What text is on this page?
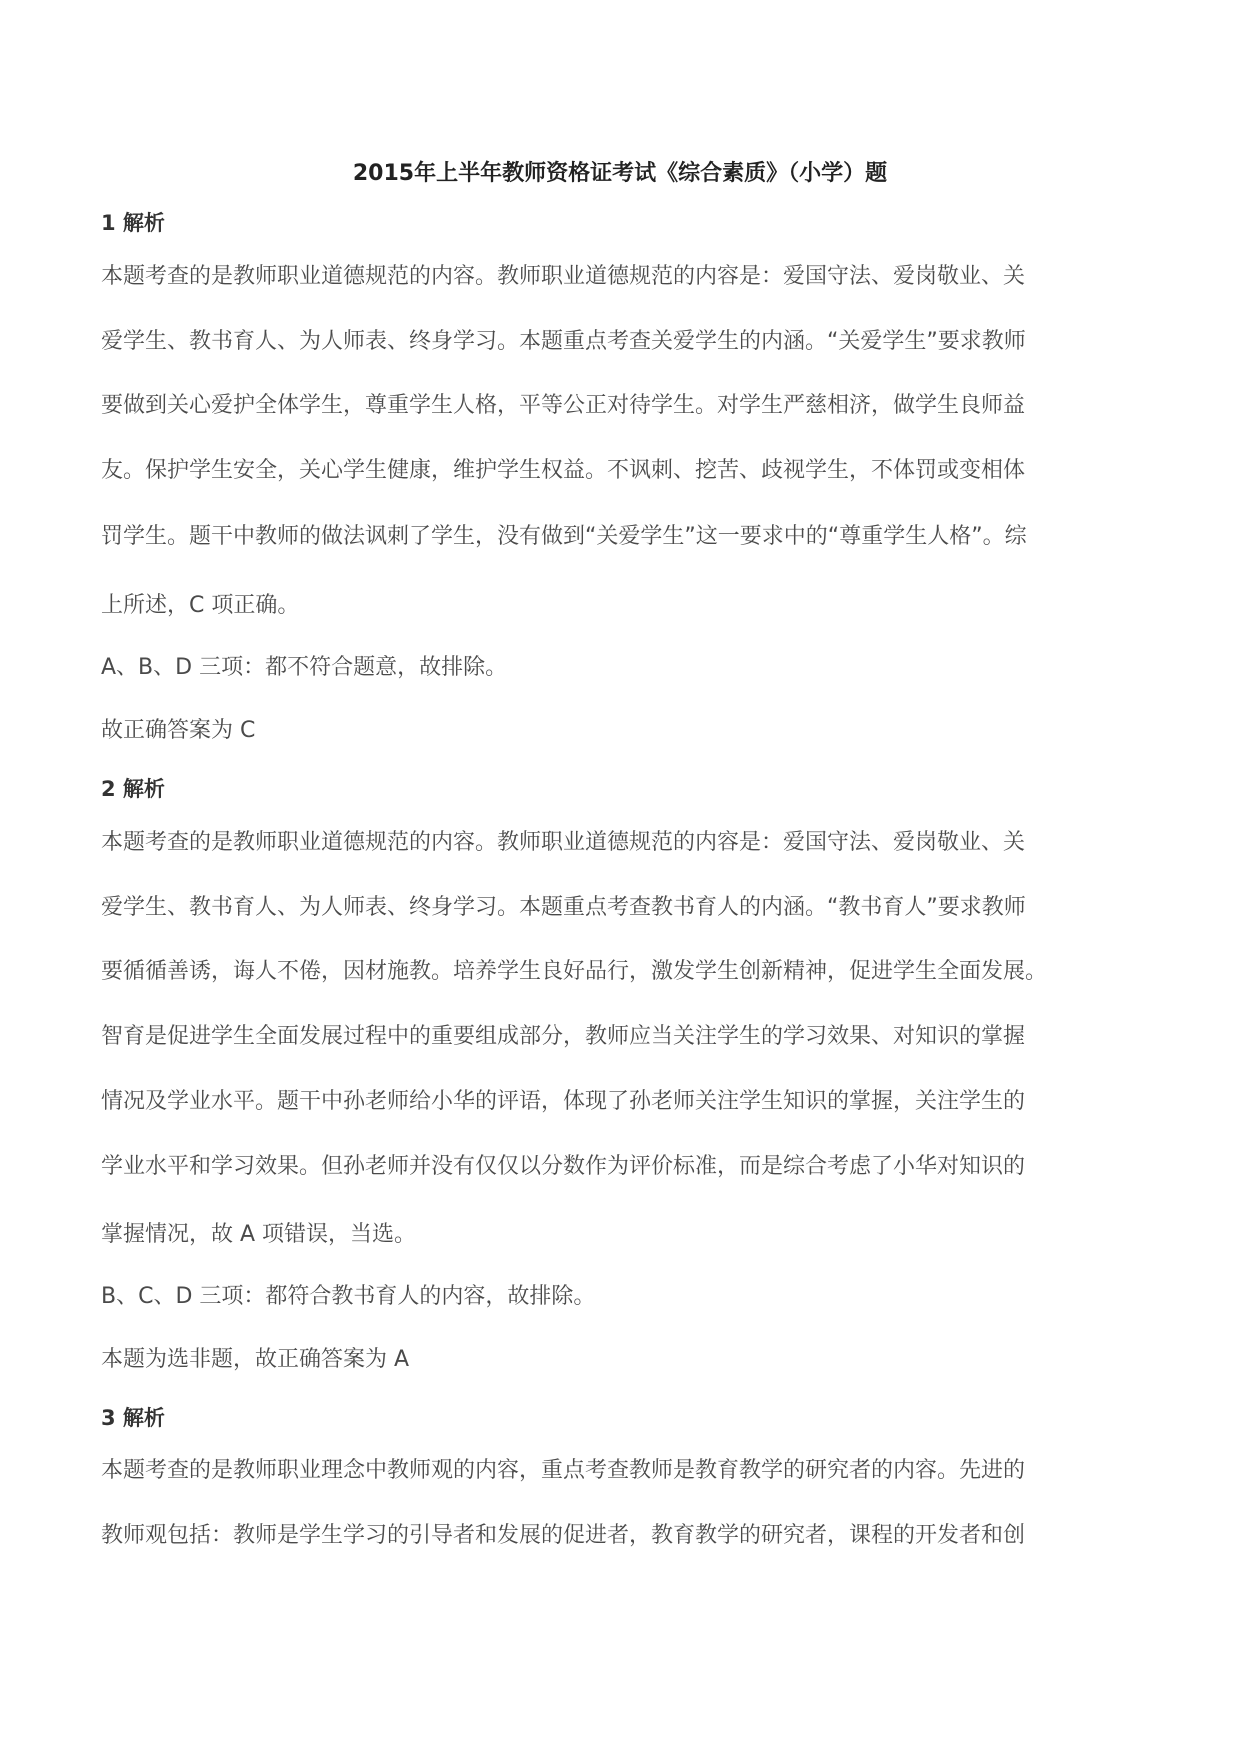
2015年上半年教师资格证考试《综合素质》（小学）题
1 解析
本题考查的是教师职业道德规范的内容。教师职业道德规范的内容是：爱国守法、爱岗敬业、关
爱学生、教书育人、为人师表、终身学习。本题重点考查关爱学生的内涵。“关爱学生”要求教师
要做到关心爱护全体学生，尊重学生人格，平等公正对待学生。对学生严慈相济，做学生良师益
友。保护学生安全，关心学生健康，维护学生权益。不讽刺、挖苦、歧视学生，不体罚或变相体
罚学生。题干中教师的做法讽刺了学生，没有做到“关爱学生”这一要求中的“尊重学生人格”。综
上所述，C 项正确。
A、B、D 三项：都不符合题意，故排除。
故正确答案为 C
2 解析
本题考查的是教师职业道德规范的内容。教师职业道德规范的内容是：爱国守法、爱岗敬业、关
爱学生、教书育人、为人师表、终身学习。本题重点考查教书育人的内涵。“教书育人”要求教师
要循循善诱，诲人不倦，因材施教。培养学生良好品行，激发学生创新精神，促进学生全面发展。
智育是促进学生全面发展过程中的重要组成部分，教师应当关注学生的学习效果、对知识的掌握
情况及学业水平。题干中孙老师给小华的评语，体现了孙老师关注学生知识的掌握，关注学生的
学业水平和学习效果。但孙老师并没有仅仅以分数作为评价标准，而是综合考虑了小华对知识的
掌握情况，故 A 项错误，当选。
B、C、D 三项：都符合教书育人的内容，故排除。
本题为选非题，故正确答案为 A
3 解析
本题考查的是教师职业理念中教师观的内容，重点考查教师是教育教学的研究者的内容。先进的
教师观包括：教师是学生学习的引导者和发展的促进者，教育教学的研究者，课程的开发者和创
